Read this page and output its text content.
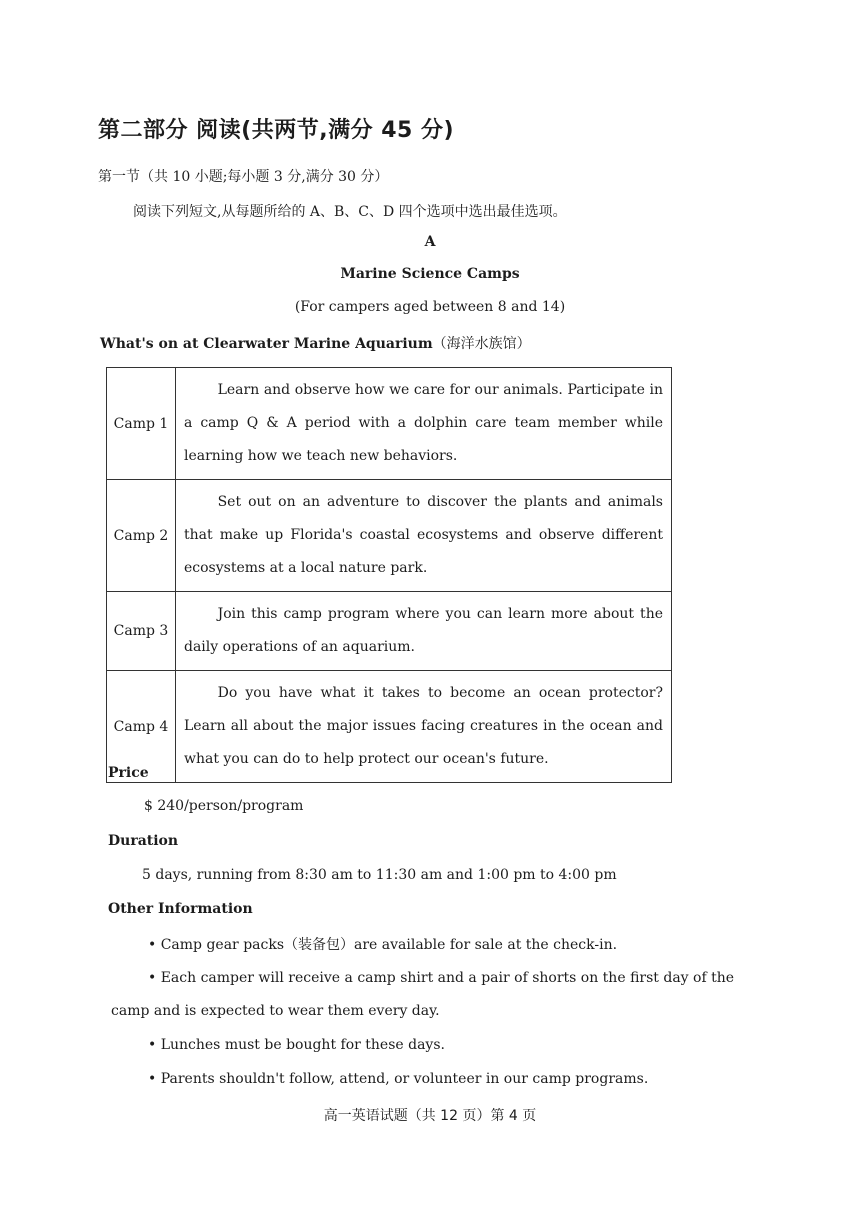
第二部分 阅读(共两节,满分 45 分)
第一节（共 10 小题;每小题 3 分,满分 30 分）
阅读下列短文,从每题所给的 A、B、C、D 四个选项中选出最佳选项。
A
Marine Science Camps
(For campers aged between 8 and 14)
What's on at Clearwater Marine Aquarium（海洋水族馆）
Camp 1	Learn and observe how we care for our animals. Participate in a camp Q & A period with a dolphin care team member while learning how we teach new behaviors.

Camp 2	Set out on an adventure to discover the plants and animals that make up Florida's coastal ecosystems and observe different ecosystems at a local nature park.

Camp 3	Join this camp program where you can learn more about the daily operations of an aquarium.

Camp 4	Do you have what it takes to become an ocean protector? Learn all about the major issues facing creatures in the ocean and what you can do to help protect our ocean's future.
Price
$ 240/person/program
Duration
5 days, running from 8:30 am to 11:30 am and 1:00 pm to 4:00 pm
Other Information
• Camp gear packs（装备包）are available for sale at the check-in.
• Each camper will receive a camp shirt and a pair of shorts on the first day of the
camp and is expected to wear them every day.
• Lunches must be bought for these days.
• Parents shouldn't follow, attend, or volunteer in our camp programs.
高一英语试题（共 12 页）第 4 页
